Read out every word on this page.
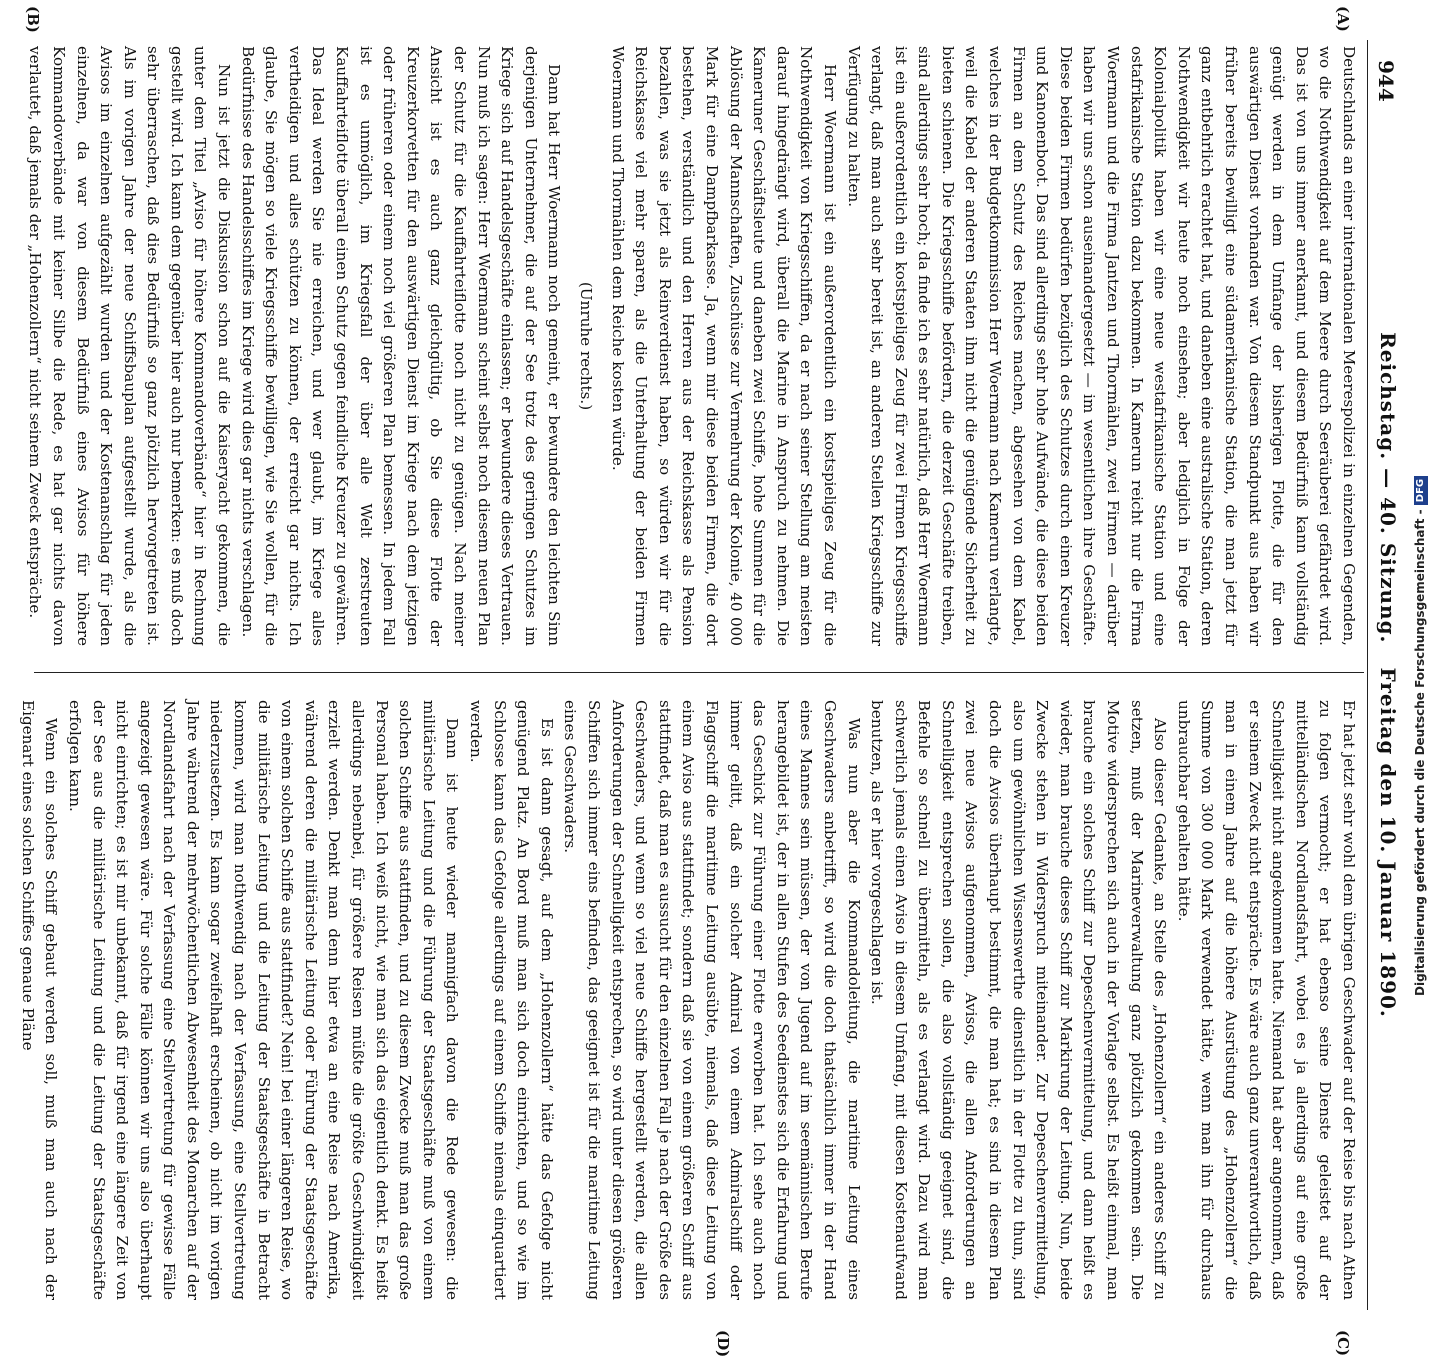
944
Reichstag. — 40. Sitzung. Freitag den 10. Januar 1890.
(A)
(B)
(C)
(D)

Deutschlands an einer internationalen Meerespolizei in einzelnen Gegenden, wo die Nothwendigkeit auf dem Meere durch Seeräuberei gefährdet wird. Das ist von uns immer anerkannt, und diesem Bedürfniß kann vollständig genügt werden in dem Umfange der bisherigen Flotte, die für den auswärtigen Dienst vorhanden war. Von diesem Standpunkt aus haben wir früher bereits bewilligt eine südamerikanische Station, die man jetzt für ganz entbehrlich erachtet hat, und daneben eine australische Station, deren Nothwendigkeit wir heute noch einsehen; aber lediglich in Folge der Kolonialpolitik haben wir eine neue westafrikanische Station und eine ostafrikanische Station dazu bekommen. In Kamerun reicht nur die Firma Woermann und die Firma Jantzen und Thormählen, zwei Firmen — darüber haben wir uns schon auseinandergesetzt — im wesentlichen ihre Geschäfte. Diese beiden Firmen bedürfen bezüglich des Schutzes durch einen Kreuzer und Kanonenboot. Das sind allerdings sehr hohe Aufwände, die diese beiden Firmen an dem Schutz des Reiches machen, abgesehen von dem Kabel, welches in der Budgetkommission Herr Woermann nach Kamerun verlangte, weil die Kabel der anderen Staaten ihm nicht die genügende Sicherheit zu bieten schienen. Die Kriegsschiffe befördern, die derzeit Geschäfte treiben, sind allerdings sehr hoch; da finde ich es sehr natürlich, daß Herr Woermann ist ein außerordentlich ein kostspieliges Zeug für zwei Firmen Kriegsschiffe verlangt, daß man auch sehr bereit ist, an anderen Stellen Kriegsschiffe zur Verfügung zu halten.

Herr Woermann ist ein außerordentlich ein kostspieliges Zeug für die Nothwendigkeit von Kriegsschiffen, da er nach seiner Stellung am meisten darauf hingedrängt wird, überall die Marine in Anspruch zu nehmen. Die Kameruner Geschäftsleute und daneben zwei Schiffe, hohe Summen für die Ablösung der Mannschaften, Zuschüsse zur Vermehrung der Kolonie, 40 000 Mark für eine Dampfbarkasse. Ja, wenn mir diese beiden Firmen, die dort bestehen, verständlich und den Herren aus der Reichskasse als Pension bezahlen, was sie jetzt als Reinverdienst haben, so würden wir für die Reichskasse viel mehr sparen, als die Unterhaltung der beiden Firmen Woermann und Thormählen dem Reiche kosten würde.

(Unruhe rechts.)

Dann hat Herr Woermann noch gemeint, er bewundere den leichten Sinn derjenigen Unternehmer, die auf der See trotz des geringen Schutzes im Kriege sich auf Handelsgeschäfte einlassen; er bewundere dieses Vertrauen. Nun muß ich sagen: Herr Woermann scheint selbst noch diesem neuen Plan der Schutz für die Kauffahrteiflotte noch nicht zu genügen. Nach meiner Ansicht ist es auch ganz gleichgültig, ob Sie diese Flotte der Kreuzerkorvetten für den auswärtigen Dienst im Kriege nach dem jetzigen oder früheren oder einem noch viel größeren Plan bemessen. In jedem Fall ist es unmöglich, im Kriegsfall der über alle Welt zerstreuten Kauffahrteiflotte überall einen Schutz gegen feindliche Kreuzer zu gewähren. Das Ideal werden Sie nie erreichen, und wer glaubt, im Kriege alles vertheidigen und alles schützen zu können, der erreicht gar nichts. Ich glaube, Sie mögen so viele Kriegsschiffe bewilligen, wie Sie wollen, für die Bedürfnisse des Handelsschiffes im Kriege wird dies gar nichts verschlagen.

Nun ist jetzt die Diskussion schon auf die Kaiseryacht gekommen, die unter dem Titel „Aviso für höhere Kommandoverbände“ hier in Rechnung gestellt wird. Ich kann dem gegenüber hier auch nur bemerken: es muß doch sehr überraschen, daß dies Bedürfniß so ganz plötzlich hervorgetreten ist. Als im vorigen Jahre der neue Schiffsbauplan aufgestellt wurde, als die Avisos im einzelnen aufgezählt wurden und der Kostenanschlag für jeden einzelnen, da war von diesem Bedürfniß eines Avisos für höhere Kommandoverbände mit keiner Silbe die Rede, es hat gar nichts davon verlautet, daß jemals der „Hohenzollern“ nicht seinem Zweck entspräche.

Er hat jetzt sehr wohl dem übrigen Geschwader auf der Reise bis nach Athen zu folgen vermocht; er hat ebenso seine Dienste geleistet auf der mittelländischen Nordlandsfahrt, wobei es ja allerdings auf eine große Schnelligkeit nicht angekommen hatte. Niemand hat aber angenommen, daß er seinem Zweck nicht entspräche. Es wäre auch ganz unverantwortlich, daß man in einem Jahre auf die höhere Ausrüstung des „Hohenzollern“ die Summe von 300 000 Mark verwendet hätte, wenn man ihn für durchaus unbrauchbar gehalten hätte.

Also dieser Gedanke, an Stelle des „Hohenzollern“ ein anderes Schiff zu setzen, muß der Marineverwaltung ganz plötzlich gekommen sein. Die Motive widersprechen sich auch in der Vorlage selbst. Es heißt einmal, man brauche ein solches Schiff zur Depeschenvermittelung, und dann heißt es wieder, man brauche dieses Schiff zur Markirung der Leitung. Nun, beide Zwecke stehen in Widerspruch miteinander. Zur Depeschenvermittelung, also um gewöhnlichen Wissenswerthe dienstlich in der Flotte zu thun, sind doch die Avisos überhaupt bestimmt, die man hat; es sind in diesem Plan zwei neue Avisos aufgenommen, Avisos, die allen Anforderungen an Schnelligkeit entsprechen sollen, die also vollständig geeignet sind, die Befehle so schnell zu übermitteln, als es verlangt wird. Dazu wird man schwerlich jemals einen Aviso in diesem Umfang, mit diesen Kostenaufwand benutzen, als er hier vorgeschlagen ist.

Was nun aber die Kommandoleitung, die maritime Leitung eines Geschwaders anbetrifft, so wird die doch thatsächlich immer in der Hand eines Mannes sein müssen, der von Jugend auf im seemännischen Berufe herangebildet ist, der in allen Stufen des Seedienstes sich die Erfahrung und das Geschick zur Führung einer Flotte erworben hat. Ich sehe auch noch immer gelitt, daß ein solcher Admiral von einem Admiralschiff oder Flaggschiff die maritime Leitung ausübte, niemals, daß diese Leitung von einem Aviso aus stattfindet; sondern daß sie von einem größeren Schiff aus stattfindet, daß man es aussucht für den einzelnen Fall je nach der Größe des Geschwaders, und wenn so viel neue Schiffe hergestellt werden, die allen Anforderungen der Schnelligkeit entsprechen, so wird unter diesen größeren Schiffen sich immer eins befinden, das geeignet ist für die maritime Leitung eines Geschwaders.

Es ist dann gesagt, auf dem „Hohenzollern“ hätte das Gefolge nicht genügend Platz. An Bord muß man sich doch einrichten, und so wie im Schlosse kann das Gefolge allerdings auf einem Schiffe niemals einquartiert werden.

Dann ist heute wieder mannigfach davon die Rede gewesen: die militärische Leitung und die Führung der Staatsgeschäfte muß von einem solchen Schiffe aus stattfinden, und zu diesem Zwecke muß man das große Personal haben. Ich weiß nicht, wie man sich das eigentlich denkt. Es heißt allerdings nebenbei, für größere Reisen müßte die größte Geschwindigkeit erzielt werden. Denkt man denn hier etwa an eine Reise nach Amerika, während deren die militärische Leitung oder Führung der Staatsgeschäfte von einem solchen Schiffe aus stattfindet? Nein! bei einer längeren Reise, wo die militärische Leitung und die Leitung der Staatsgeschäfte in Betracht kommen, wird man nothwendig nach der Verfassung, eine Stellvertretung niederzusetzen. Es kann sogar zweifelhaft erscheinen, ob nicht im vorigen Jahre während der mehrwöchentlichen Abwesenheit des Monarchen auf der Nordlandsfahrt nach der Verfassung eine Stellvertretung für gewisse Fälle angezeigt gewesen wäre. Für solche Fälle können wir uns also überhaupt nicht einrichten; es ist mir unbekannt, daß für irgend eine längere Zeit von der See aus die militärische Leitung und die Leitung der Staatsgeschäfte erfolgen kann.

Wenn ein solches Schiff gebaut werden soll, muß man auch nach der Eigenart eines solchen Schiffes genaue Pläne	Digitalisierung gefördert durch die Deutsche Forschungsgemeinschaft - DFG
